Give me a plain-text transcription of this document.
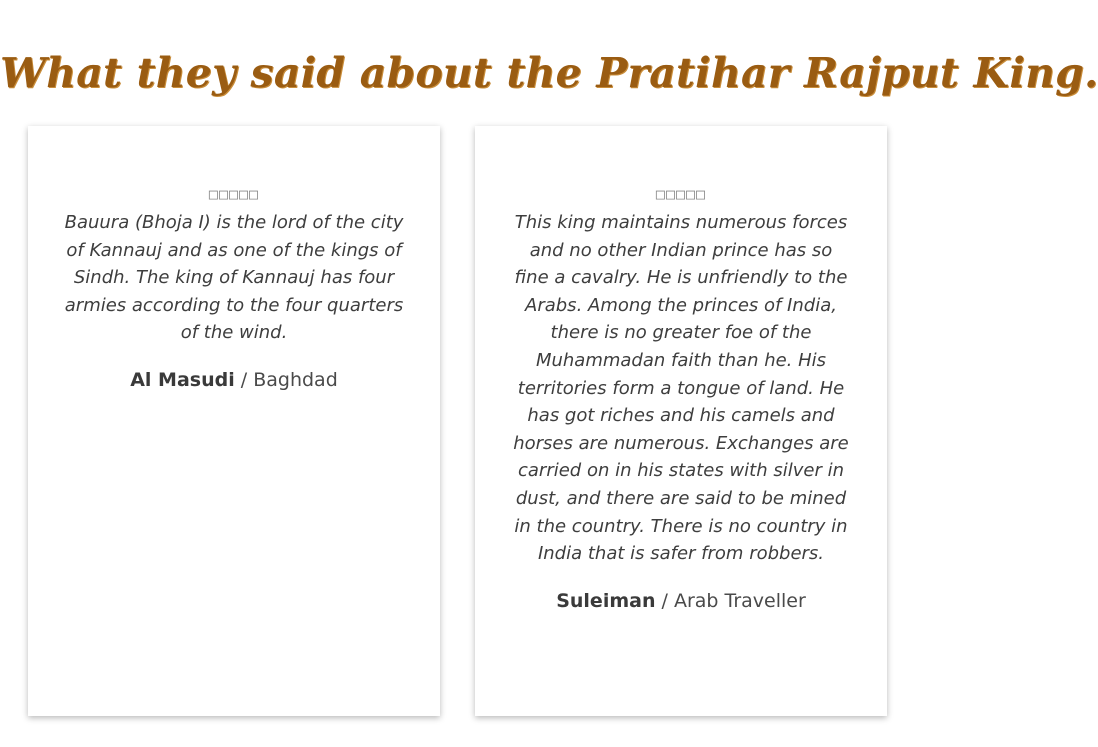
What they said about the Pratihar Rajput King.
□□□□□
Bauura (Bhoja I) is the lord of the city of Kannauj and as one of the kings of Sindh. The king of Kannauj has four armies according to the four quarters of the wind.
Al Masudi / Baghdad
□□□□□
This king maintains numerous forces and no other Indian prince has so fine a cavalry. He is unfriendly to the Arabs. Among the princes of India, there is no greater foe of the Muhammadan faith than he. His territories form a tongue of land. He has got riches and his camels and horses are numerous. Exchanges are carried on in his states with silver in dust, and there are said to be mined in the country. There is no country in India that is safer from robbers.
Suleiman / Arab Traveller
